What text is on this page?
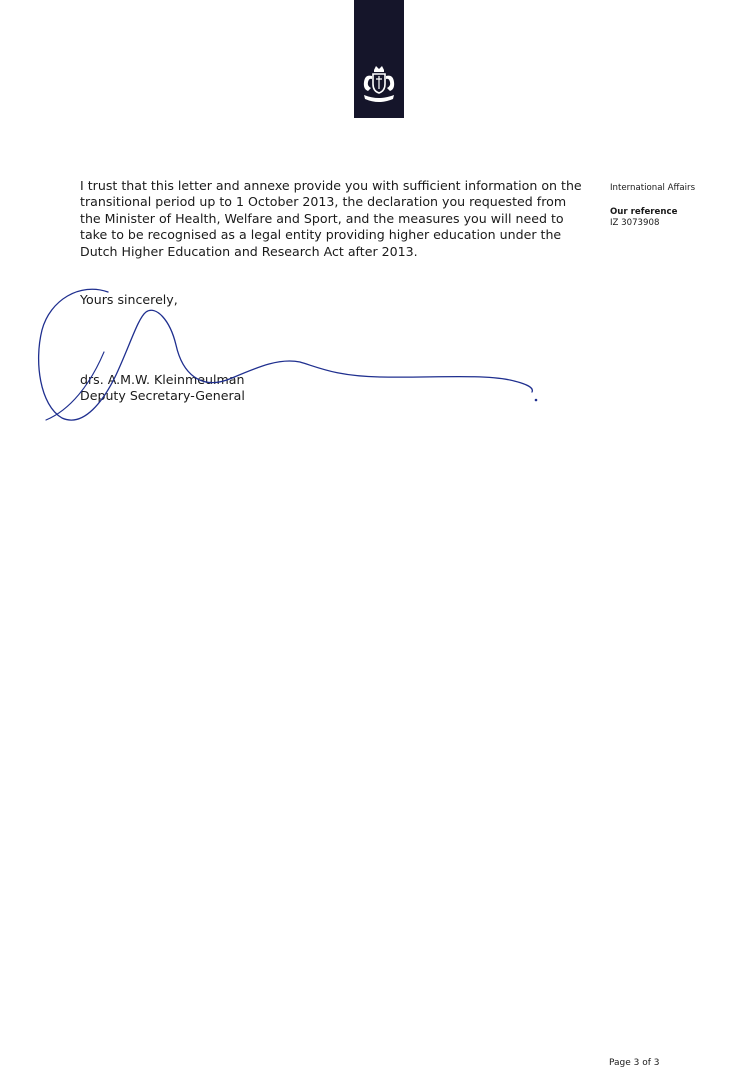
I trust that this letter and annexe provide you with sufficient information on the transitional period up to 1 October 2013, the declaration you requested from the Minister of Health, Welfare and Sport, and the measures you will need to take to be recognised as a legal entity providing higher education under the Dutch Higher Education and Research Act after 2013.

International Affairs

Our reference

IZ 3073908

Yours sincerely,

drs. A.M.W. Kleinmeulman

Deputy Secretary-General

Page 3 of 3
